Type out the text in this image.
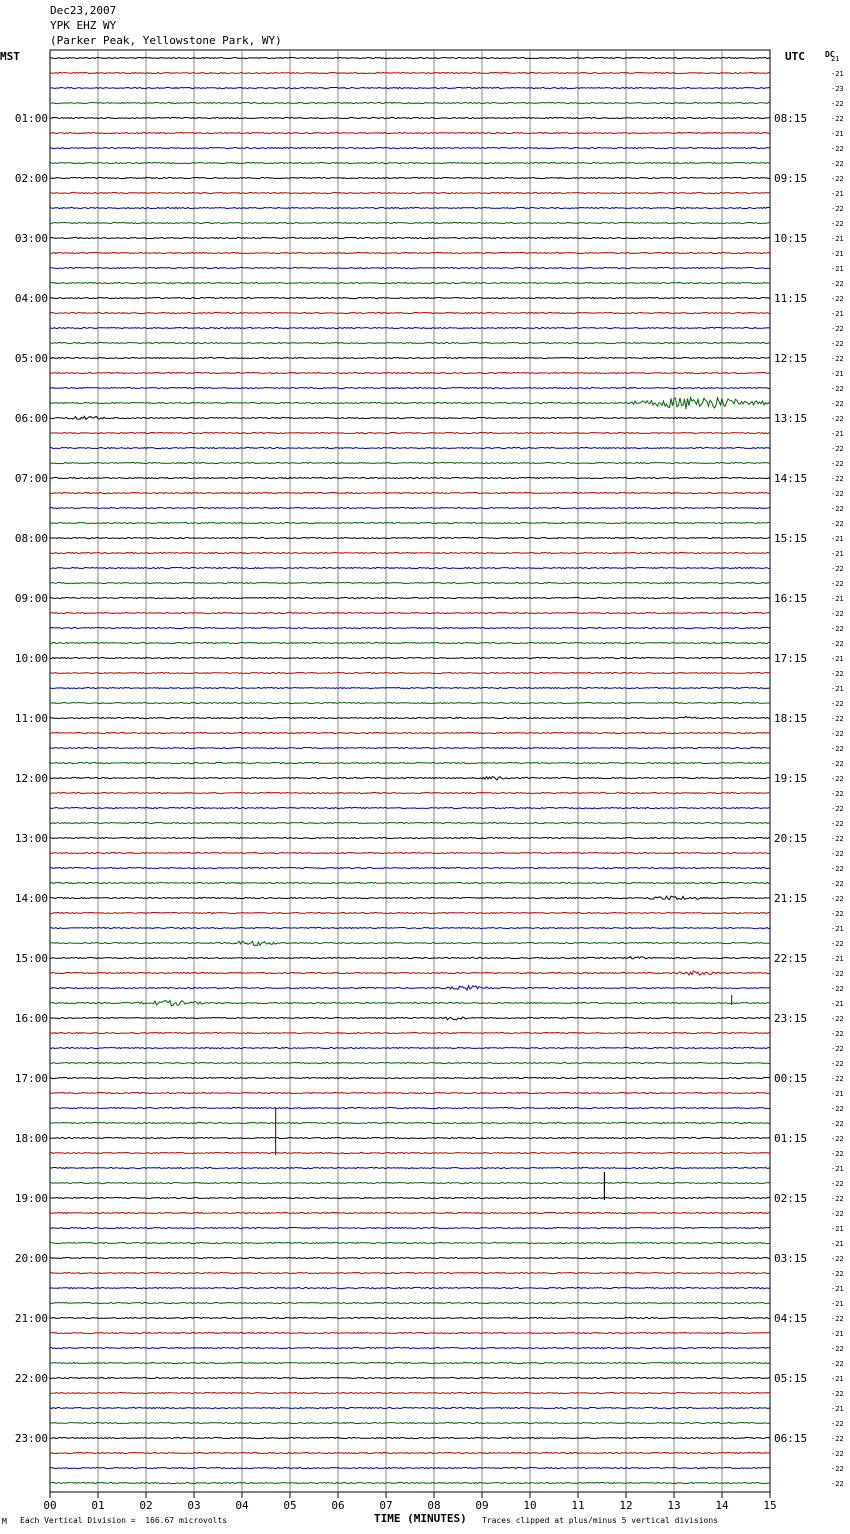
Dec23,2007
YPK EHZ WY
(Parker Peak, Yellowstone Park, WY)
MST	UTC	DC
21
-21
-23
-22
-22
-21
-22
-22
-22
-21
-22
-22
-21
-21
-21
-22
-22
-21
-22
-22
-22
-21
-22
-22
-22
-21
-22
-22
-22
-22
-22
-22
-21
-21
-22
-22
-21
-22
-22
-22
-21
-22
-21
-22
-22
-22
-22
-22
-22
-22
-22
-22
-22
-22
-22
-22
-22
-22
-21
-22
-21
-22
-22
-21
-22
-22
-22
-22
-22
-21
-22
-22
-22
-22
-21
-22
-22
-22
-21
-21
-22
-22
-21
-21
-22
-21
-22
-22
-21
-22
-21
-22
-22
-22
-22
-22
01:00
02:00
03:00
04:00
05:00
06:00
07:00
08:00
09:00
10:00
11:00
12:00
13:00
14:00
15:00
16:00
17:00
18:00
19:00
20:00
21:00
22:00
23:00
08:15
09:15
10:15
11:15
12:15
13:15
14:15
15:15
16:15
17:15
18:15
19:15
20:15
21:15
22:15
23:15
00:15
01:15
02:15
03:15
04:15
05:15
06:15
00	01	02	03	04	05	06	07	08	09	10	11	12	13	14	15
TIME (MINUTES)
M Each Vertical Division =  166.67 microvolts	Traces clipped at plus/minus 5 vertical divisions
